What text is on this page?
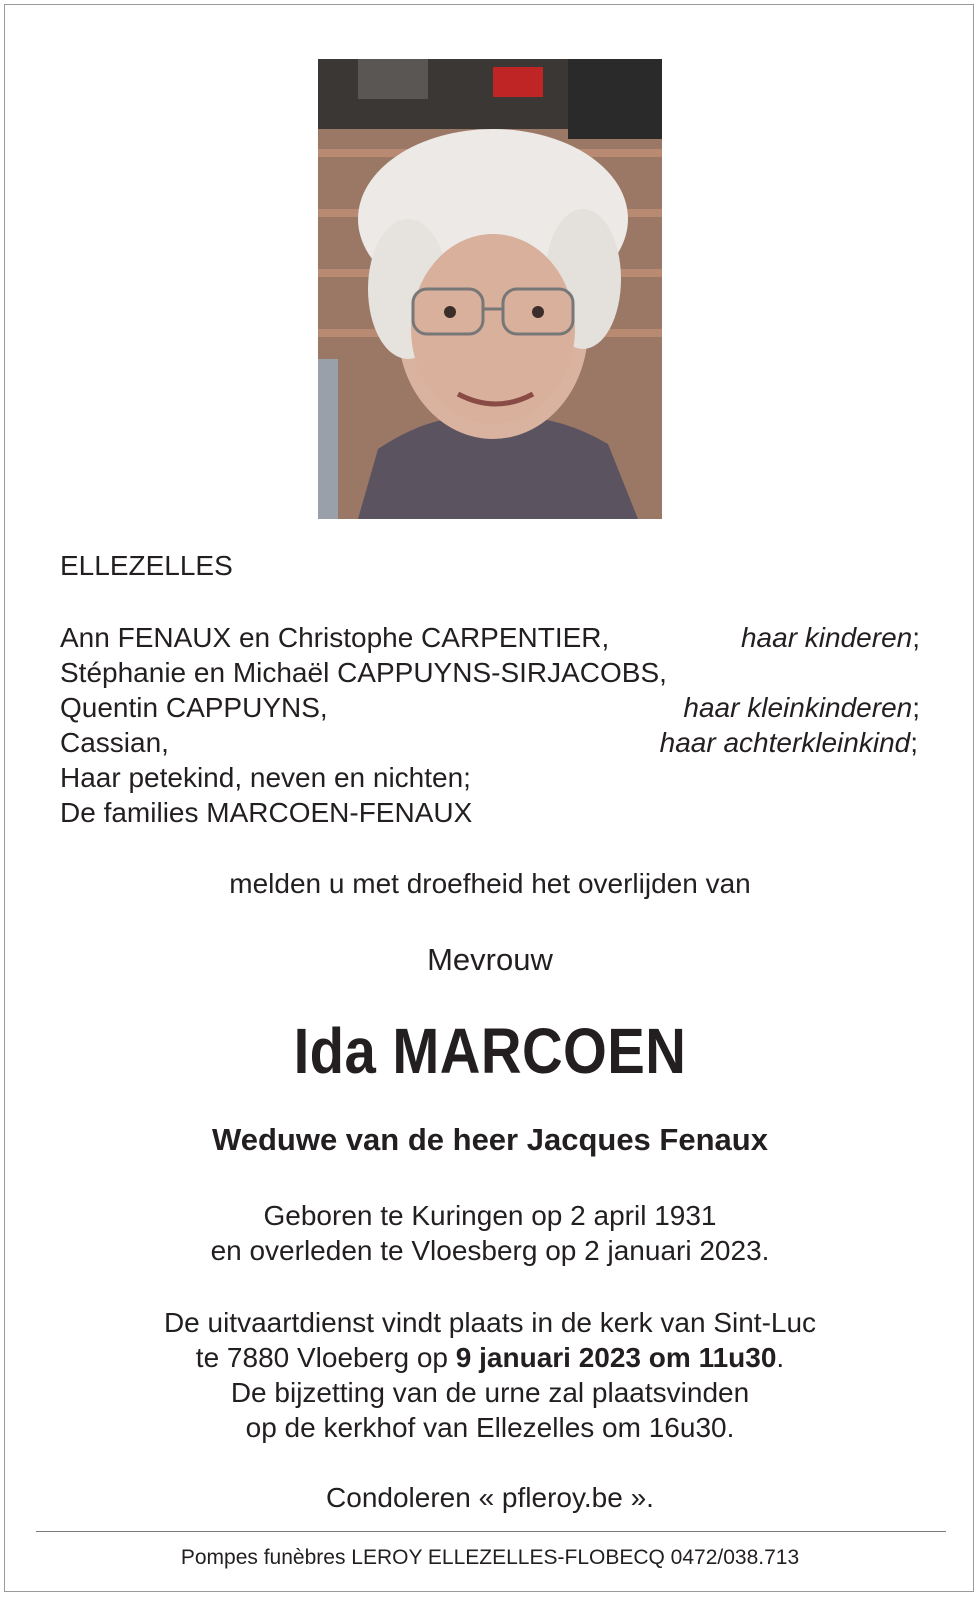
ELLEZELLES
Ann FENAUX en Christophe CARPENTIER,	haar kinderen;
Stéphanie en Michaël CAPPUYNS-SIRJACOBS,
Quentin CAPPUYNS,	haar kleinkinderen;
Cassian,	haar achterkleinkind;
Haar petekind, neven en nichten;
De families MARCOEN-FENAUX
melden u met droefheid het overlijden van
Mevrouw
Ida MARCOEN
Weduwe van de heer Jacques Fenaux
Geboren te Kuringen op 2 april 1931
en overleden te Vloesberg op 2 januari 2023.
De uitvaartdienst vindt plaats in de kerk van Sint-Luc
te 7880 Vloeberg op 9 januari 2023 om 11u30.
De bijzetting van de urne zal plaatsvinden
op de kerkhof van Ellezelles om 16u30.
Condoleren « pfleroy.be ».
Pompes funèbres LEROY ELLEZELLES-FLOBECQ 0472/038.713
